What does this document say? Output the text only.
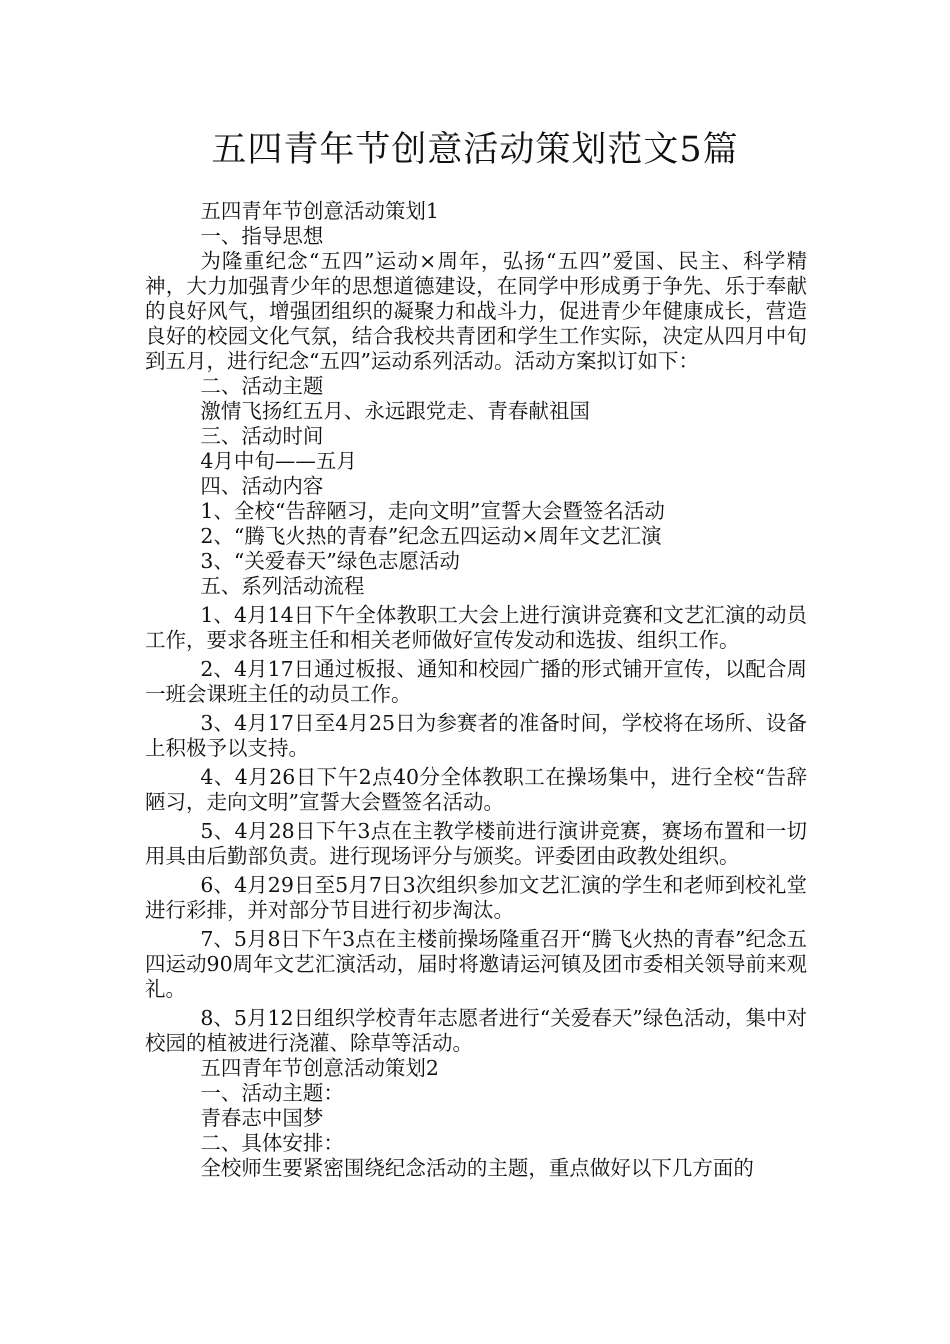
五四青年节创意活动策划范文5篇

五四青年节创意活动策划1

一、指导思想

为隆重纪念“五四”运动×周年，弘扬“五四”爱国、民主、科学精神，大力加强青少年的思想道德建设，在同学中形成勇于争先、乐于奉献的良好风气，增强团组织的凝聚力和战斗力，促进青少年健康成长，营造良好的校园文化气氛，结合我校共青团和学生工作实际，决定从四月中旬到五月，进行纪念“五四”运动系列活动。活动方案拟订如下：

二、活动主题

激情飞扬红五月、永远跟党走、青春献祖国

三、活动时间

4月中旬——五月

四、活动内容

1、全校“告辞陋习，走向文明”宣誓大会暨签名活动

2、“腾飞火热的青春”纪念五四运动×周年文艺汇演

3、“关爱春天”绿色志愿活动

五、系列活动流程

1、4月14日下午全体教职工大会上进行演讲竞赛和文艺汇演的动员工作，要求各班主任和相关老师做好宣传发动和选拔、组织工作。

2、4月17日通过板报、通知和校园广播的形式铺开宣传，以配合周一班会课班主任的动员工作。

3、4月17日至4月25日为参赛者的准备时间，学校将在场所、设备上积极予以支持。

4、4月26日下午2点40分全体教职工在操场集中，进行全校“告辞陋习，走向文明”宣誓大会暨签名活动。

5、4月28日下午3点在主教学楼前进行演讲竞赛，赛场布置和一切用具由后勤部负责。进行现场评分与颁奖。评委团由政教处组织。

6、4月29日至5月7日3次组织参加文艺汇演的学生和老师到校礼堂进行彩排，并对部分节目进行初步淘汰。

7、5月8日下午3点在主楼前操场隆重召开“腾飞火热的青春”纪念五四运动90周年文艺汇演活动，届时将邀请运河镇及团市委相关领导前来观礼。

8、5月12日组织学校青年志愿者进行“关爱春天”绿色活动，集中对校园的植被进行浇灌、除草等活动。

五四青年节创意活动策划2

一、活动主题：

青春志中国梦

二、具体安排：

全校师生要紧密围绕纪念活动的主题，重点做好以下几方面的
